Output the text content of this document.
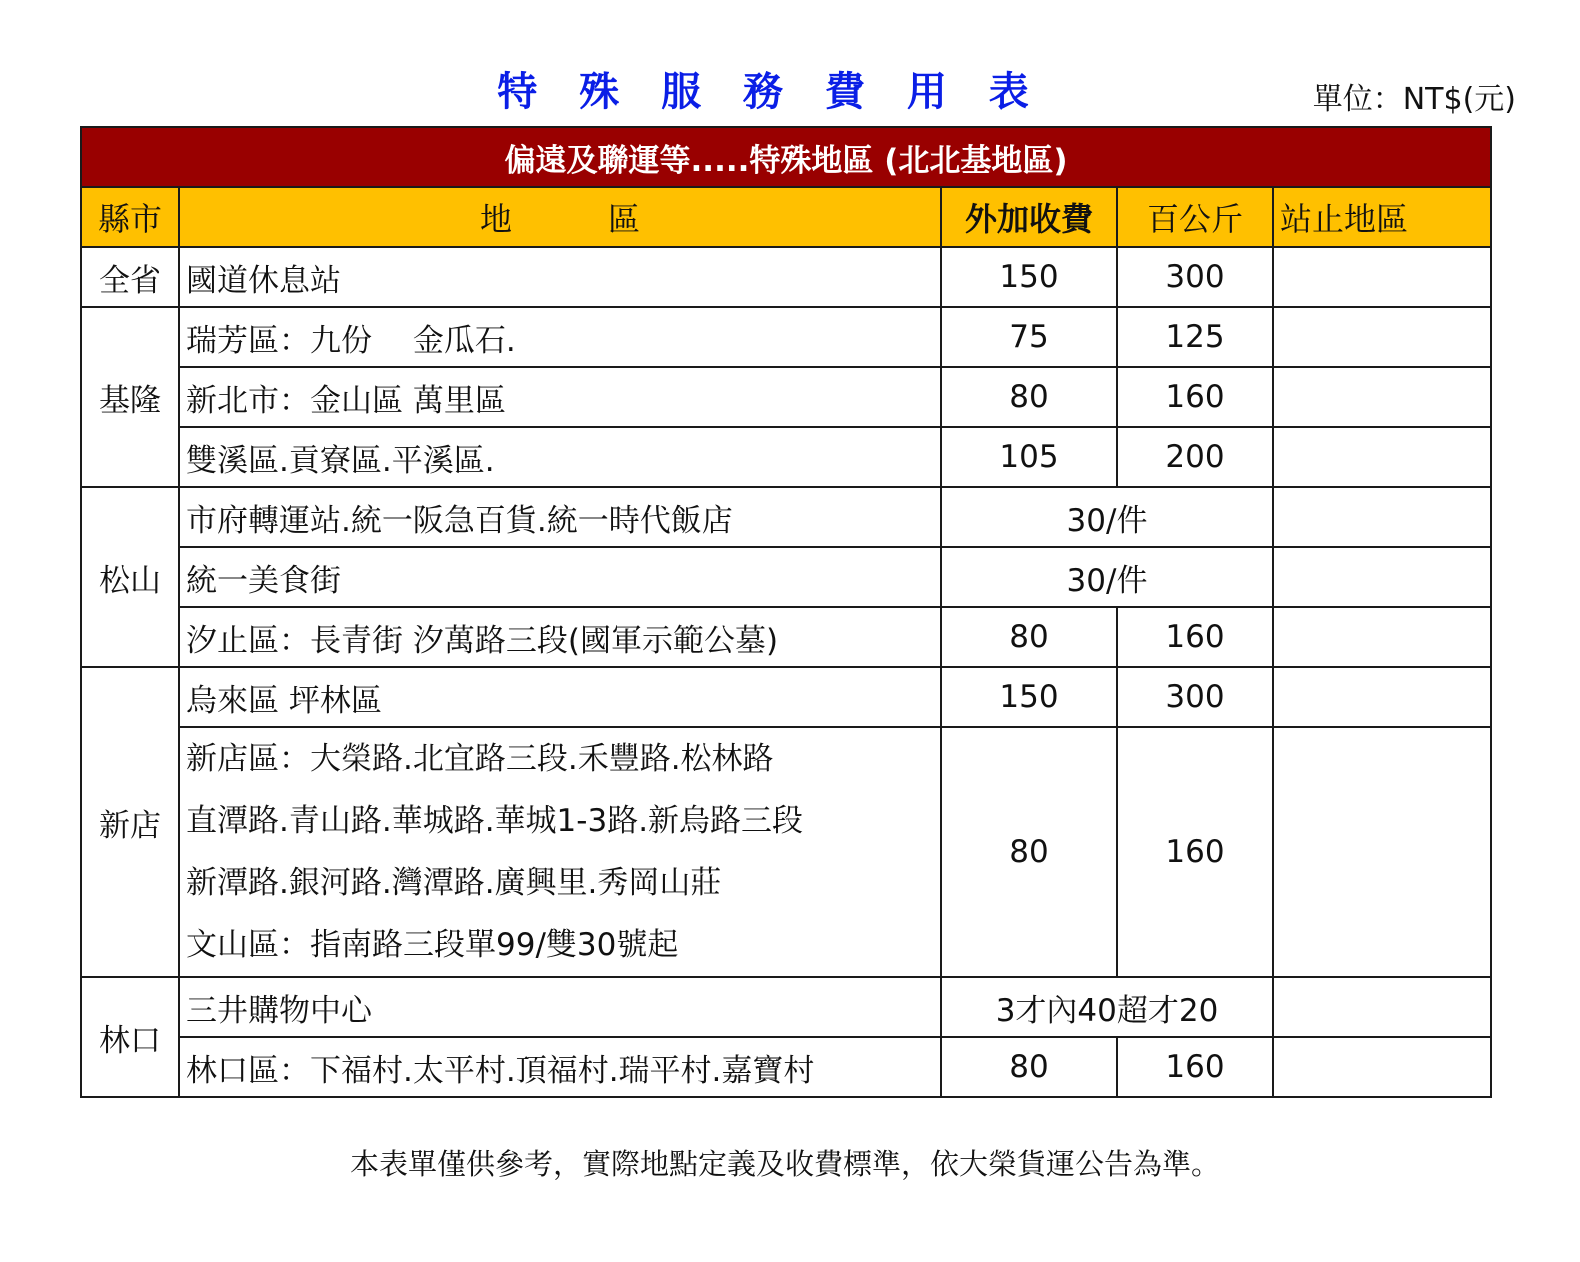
特 殊 服 務 費 用 表	單位：NT$(元)
偏遠及聯運等.....特殊地區 (北北基地區)				
縣市	地　　　區	外加收費	百公斤	站止地區
全省	國道休息站	150	300	
基隆	瑞芳區：九份　 金瓜石.	75	125	
	新北市：金山區 萬里區	80	160	
	雙溪區.貢寮區.平溪區.	105	200	
松山	市府轉運站.統一阪急百貨.統一時代飯店	30/件		
	統一美食街	30/件		
	汐止區：長青街 汐萬路三段(國軍示範公墓)	80	160	
新店	烏來區 坪林區	150	300	

	新店區：大榮路.北宜路三段.禾豐路.松林路
直潭路.青山路.華城路.華城1-3路.新烏路三段
新潭路.銀河路.灣潭路.廣興里.秀岡山莊
文山區：指南路三段單99/雙30號起	80	160	
林口	三井購物中心	3才內40超才20		
	林口區：下福村.太平村.頂福村.瑞平村.嘉寶村	80	160	
本表單僅供參考，實際地點定義及收費標準，依大榮貨運公告為準。
